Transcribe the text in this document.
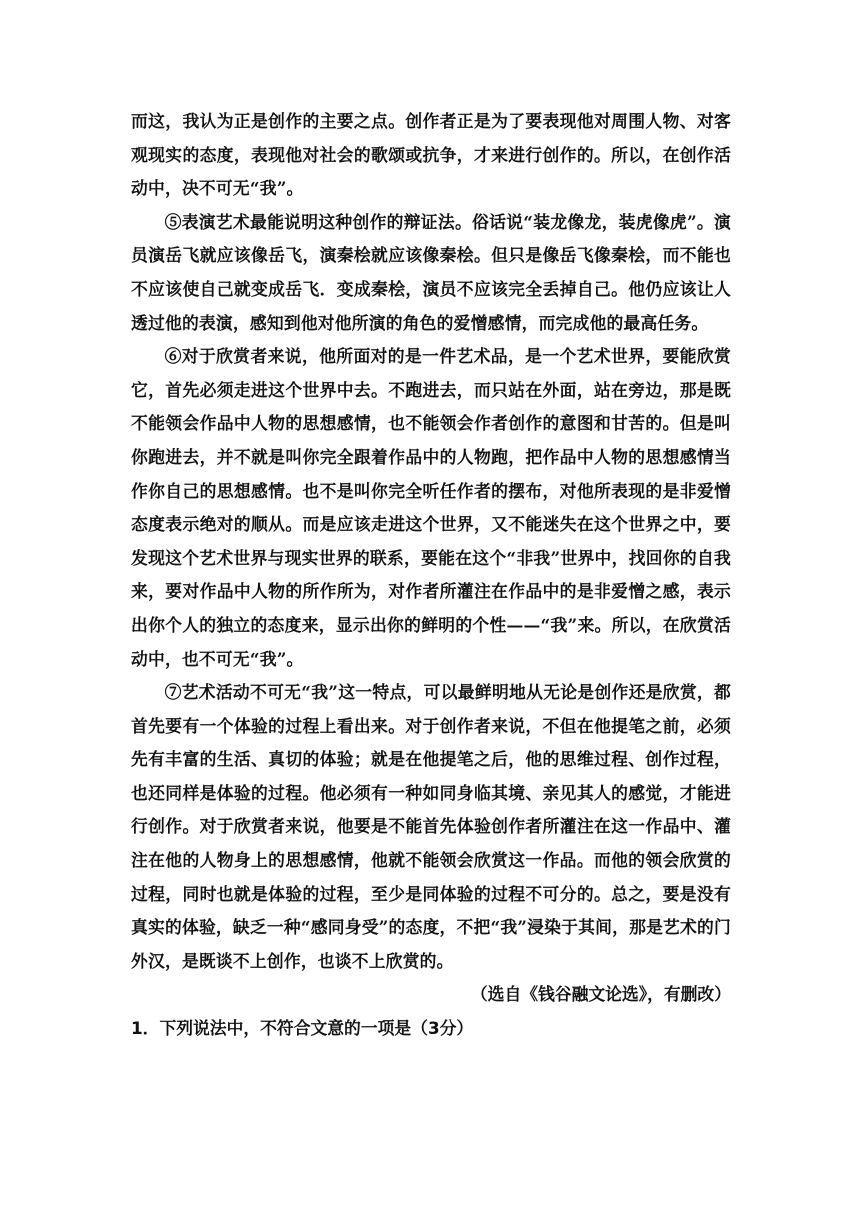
而这，我认为正是创作的主要之点。创作者正是为了要表现他对周围人物、对客观现实的态度，表现他对社会的歌颂或抗争，才来进行创作的。所以，在创作活动中，决不可无“我”。

⑤表演艺术最能说明这种创作的辩证法。俗话说“装龙像龙，装虎像虎”。演员演岳飞就应该像岳飞，演秦桧就应该像秦桧。但只是像岳飞像秦桧，而不能也不应该使自己就变成岳飞．变成秦桧，演员不应该完全丢掉自己。他仍应该让人透过他的表演，感知到他对他所演的角色的爱憎感情，而完成他的最高任务。

⑥对于欣赏者来说，他所面对的是一件艺术品，是一个艺术世界，要能欣赏它，首先必须走进这个世界中去。不跑进去，而只站在外面，站在旁边，那是既不能领会作品中人物的思想感情，也不能领会作者创作的意图和甘苦的。但是叫你跑进去，并不就是叫你完全跟着作品中的人物跑，把作品中人物的思想感情当作你自己的思想感情。也不是叫你完全听任作者的摆布，对他所表现的是非爱憎态度表示绝对的顺从。而是应该走进这个世界，又不能迷失在这个世界之中，要发现这个艺术世界与现实世界的联系，要能在这个“非我”世界中，找回你的自我来，要对作品中人物的所作所为，对作者所灌注在作品中的是非爱憎之感，表示出你个人的独立的态度来，显示出你的鲜明的个性——“我”来。所以，在欣赏活动中，也不可无“我”。

⑦艺术活动不可无“我”这一特点，可以最鲜明地从无论是创作还是欣赏，都首先要有一个体验的过程上看出来。对于创作者来说，不但在他提笔之前，必须先有丰富的生活、真切的体验；就是在他提笔之后，他的思维过程、创作过程，也还同样是体验的过程。他必须有一种如同身临其境、亲见其人的感觉，才能进行创作。对于欣赏者来说，他要是不能首先体验创作者所灌注在这一作品中、灌注在他的人物身上的思想感情，他就不能领会欣赏这一作品。而他的领会欣赏的过程，同时也就是体验的过程，至少是同体验的过程不可分的。总之，要是没有真实的体验，缺乏一种“感同身受”的态度，不把“我”浸染于其间，那是艺术的门外汉，是既谈不上创作，也谈不上欣赏的。

（选自《钱谷融文论选》，有删改）

1．下列说法中，不符合文意的一项是（3分）
